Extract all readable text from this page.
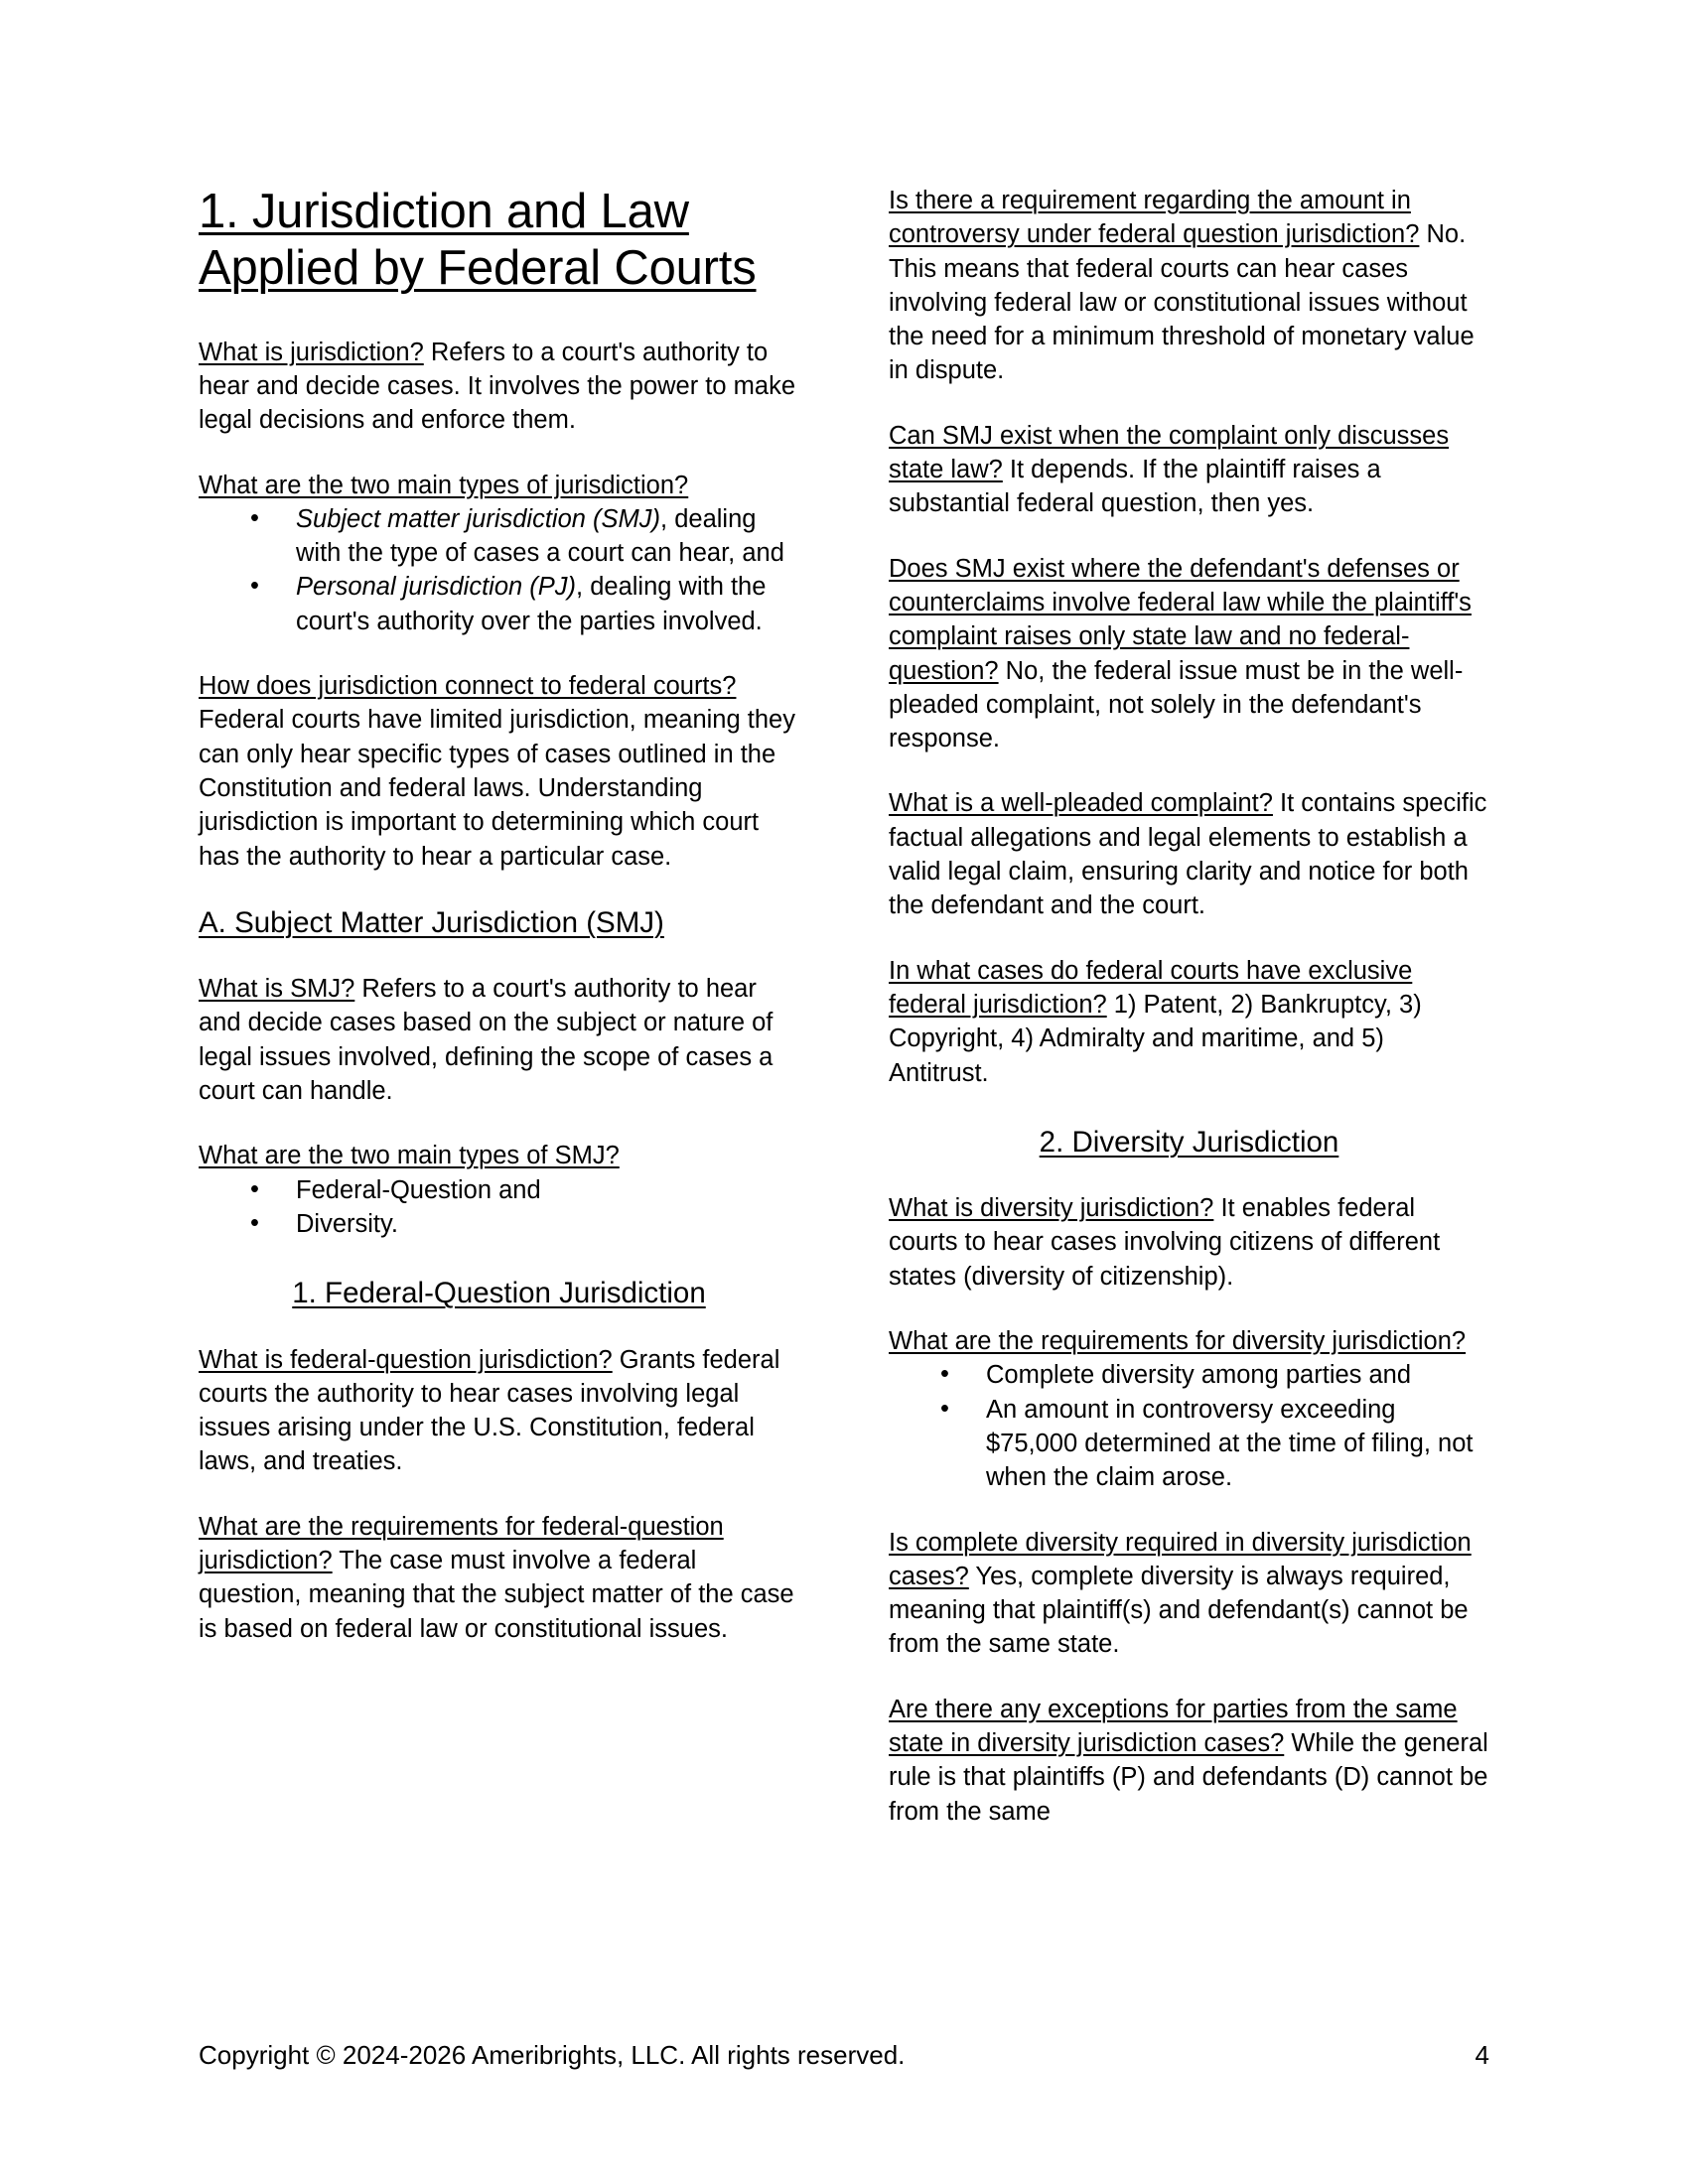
1. Jurisdiction and Law Applied by Federal Courts

What is jurisdiction? Refers to a court's authority to hear and decide cases. It involves the power to make legal decisions and enforce them.

What are the two main types of jurisdiction?

• Subject matter jurisdiction (SMJ), dealing with the type of cases a court can hear, and
• Personal jurisdiction (PJ), dealing with the court's authority over the parties involved.

How does jurisdiction connect to federal courts? Federal courts have limited jurisdiction, meaning they can only hear specific types of cases outlined in the Constitution and federal laws. Understanding jurisdiction is important to determining which court has the authority to hear a particular case.

A. Subject Matter Jurisdiction (SMJ)

What is SMJ? Refers to a court's authority to hear and decide cases based on the subject or nature of legal issues involved, defining the scope of cases a court can handle.

What are the two main types of SMJ?

• Federal-Question and
• Diversity.
1. Federal-Question Jurisdiction

What is federal-question jurisdiction? Grants federal courts the authority to hear cases involving legal issues arising under the U.S. Constitution, federal laws, and treaties.

What are the requirements for federal-question jurisdiction? The case must involve a federal question, meaning that the subject matter of the case is based on federal law or constitutional issues.

Is there a requirement regarding the amount in controversy under federal question jurisdiction? No. This means that federal courts can hear cases involving federal law or constitutional issues without the need for a minimum threshold of monetary value in dispute.

Can SMJ exist when the complaint only discusses state law? It depends. If the plaintiff raises a substantial federal question, then yes.

Does SMJ exist where the defendant's defenses or counterclaims involve federal law while the plaintiff's complaint raises only state law and no federal-question? No, the federal issue must be in the well-pleaded complaint, not solely in the defendant's response.

What is a well-pleaded complaint? It contains specific factual allegations and legal elements to establish a valid legal claim, ensuring clarity and notice for both the defendant and the court.

In what cases do federal courts have exclusive federal jurisdiction? 1) Patent, 2) Bankruptcy, 3) Copyright, 4) Admiralty and maritime, and 5) Antitrust.

2. Diversity Jurisdiction

What is diversity jurisdiction? It enables federal courts to hear cases involving citizens of different states (diversity of citizenship).

What are the requirements for diversity jurisdiction?

• Complete diversity among parties and
• An amount in controversy exceeding $75,000 determined at the time of filing, not when the claim arose.

Is complete diversity required in diversity jurisdiction cases? Yes, complete diversity is always required, meaning that plaintiff(s) and defendant(s) cannot be from the same state.

Are there any exceptions for parties from the same state in diversity jurisdiction cases? While the general rule is that plaintiffs (P) and defendants (D) cannot be from the same

Copyright © 2024-2026 Ameribrights, LLC. All rights reserved.	4
